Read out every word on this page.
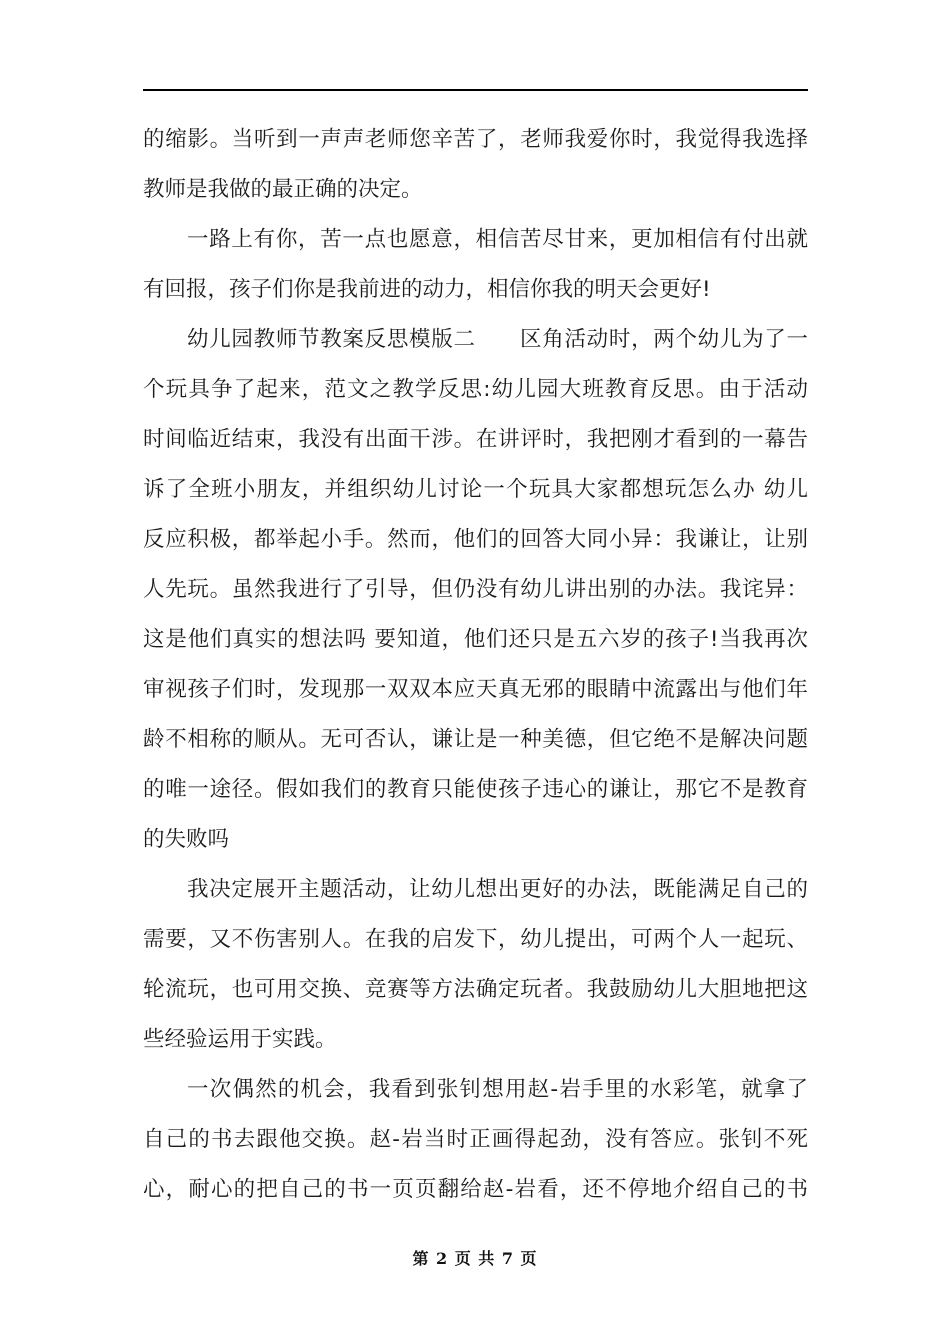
的缩影。当听到一声声老师您辛苦了，老师我爱你时，我觉得我选择
教师是我做的最正确的决定。
一路上有你，苦一点也愿意，相信苦尽甘来，更加相信有付出就
有回报，孩子们你是我前进的动力，相信你我的明天会更好!
幼儿园教师节教案反思模版二　　区角活动时，两个幼儿为了一
个玩具争了起来，范文之教学反思:幼儿园大班教育反思。由于活动
时间临近结束，我没有出面干涉。在讲评时，我把刚才看到的一幕告
诉了全班小朋友，并组织幼儿讨论一个玩具大家都想玩怎么办 幼儿
反应积极，都举起小手。然而，他们的回答大同小异：我谦让，让别
人先玩。虽然我进行了引导，但仍没有幼儿讲出别的办法。我诧异：
这是他们真实的想法吗 要知道，他们还只是五六岁的孩子!当我再次
审视孩子们时，发现那一双双本应天真无邪的眼睛中流露出与他们年
龄不相称的顺从。无可否认，谦让是一种美德，但它绝不是解决问题
的唯一途径。假如我们的教育只能使孩子违心的谦让，那它不是教育
的失败吗
我决定展开主题活动，让幼儿想出更好的办法，既能满足自己的
需要，又不伤害别人。在我的启发下，幼儿提出，可两个人一起玩、
轮流玩，也可用交换、竞赛等方法确定玩者。我鼓励幼儿大胆地把这
些经验运用于实践。
一次偶然的机会，我看到张钊想用赵-岩手里的水彩笔，就拿了
自己的书去跟他交换。赵-岩当时正画得起劲，没有答应。张钊不死
心，耐心的把自己的书一页页翻给赵-岩看，还不停地介绍自己的书
第 2 页 共 7 页
